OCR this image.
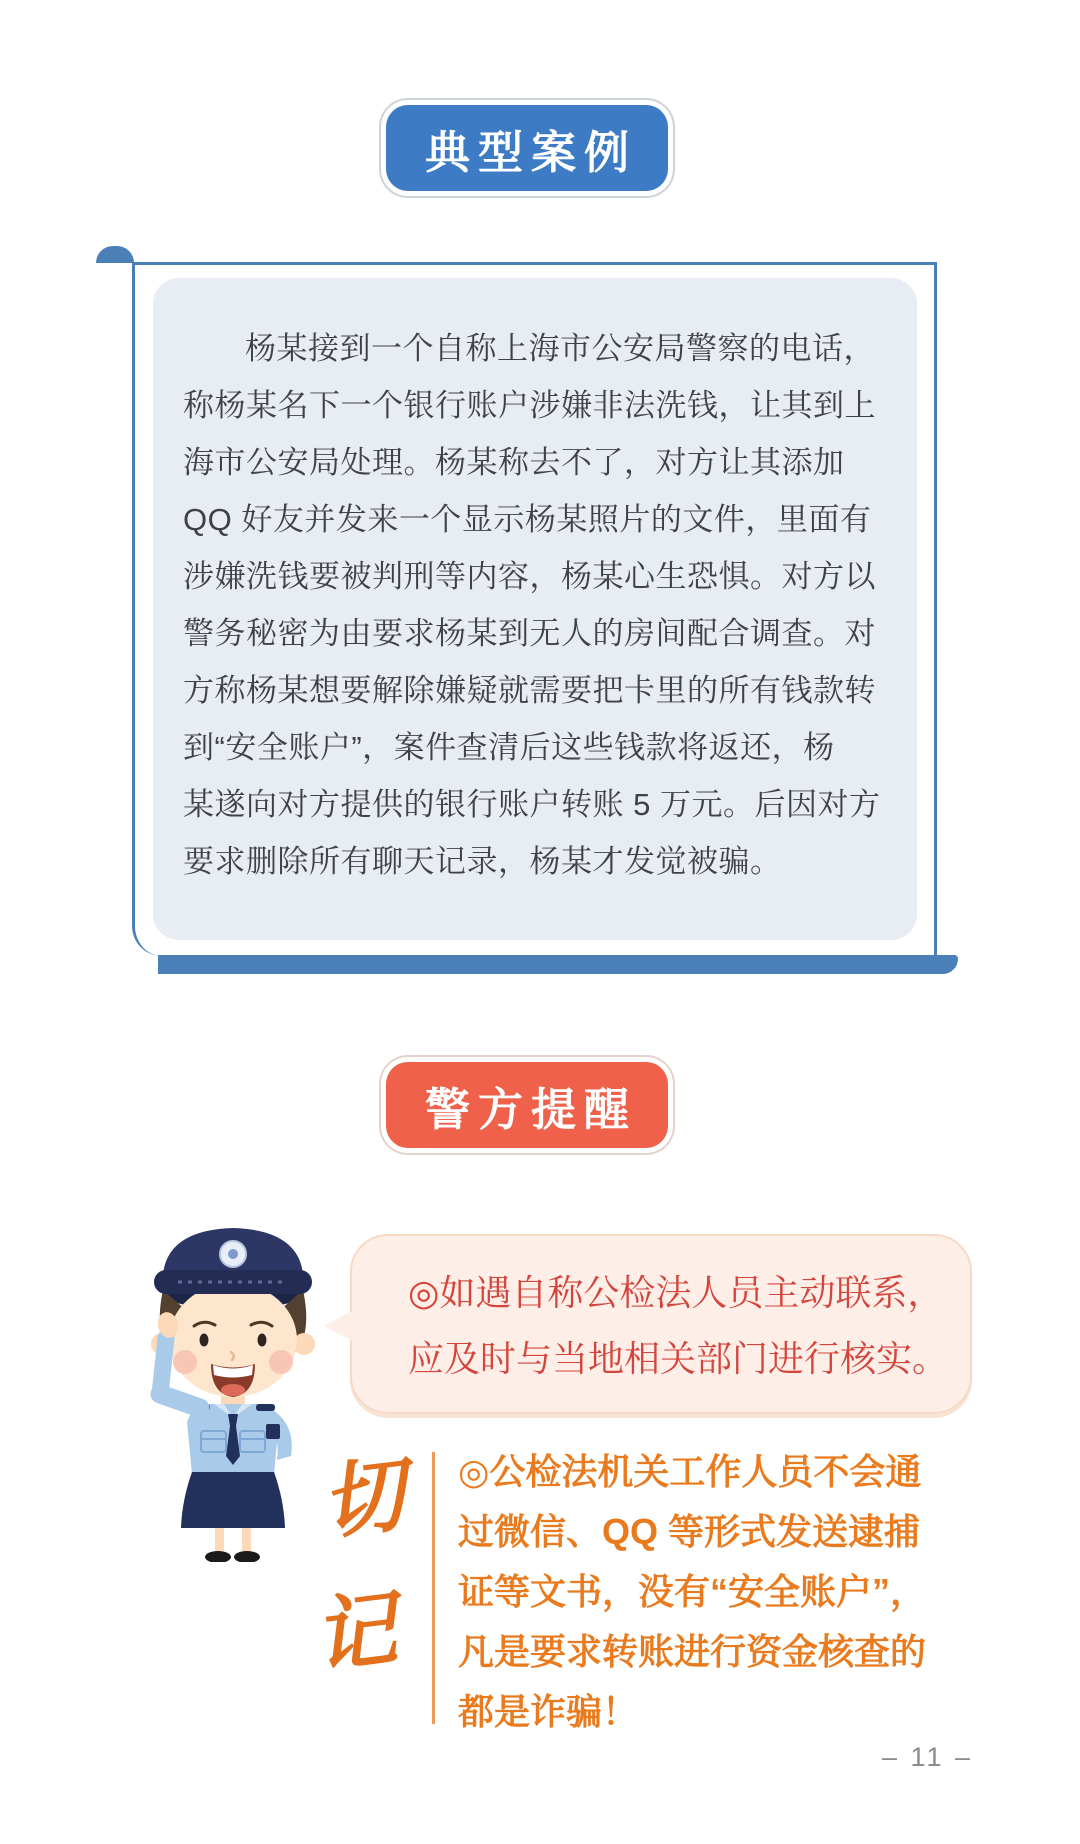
典型案例
杨某接到一个自称上海市公安局警察的电话，
称杨某名下一个银行账户涉嫌非法洗钱，让其到上
海市公安局处理。杨某称去不了，对方让其添加
QQ 好友并发来一个显示杨某照片的文件，里面有
涉嫌洗钱要被判刑等内容，杨某心生恐惧。对方以
警务秘密为由要求杨某到无人的房间配合调查。对
方称杨某想要解除嫌疑就需要把卡里的所有钱款转
到“安全账户”，案件查清后这些钱款将返还，杨
某遂向对方提供的银行账户转账 5 万元。后因对方
要求删除所有聊天记录，杨某才发觉被骗。
警方提醒
◎如遇自称公检法人员主动联系，
应及时与当地相关部门进行核实。
切
记
◎公检法机关工作人员不会通
过微信、QQ 等形式发送逮捕
证等文书，没有“安全账户”，
凡是要求转账进行资金核查的
都是诈骗！
– 11 –
